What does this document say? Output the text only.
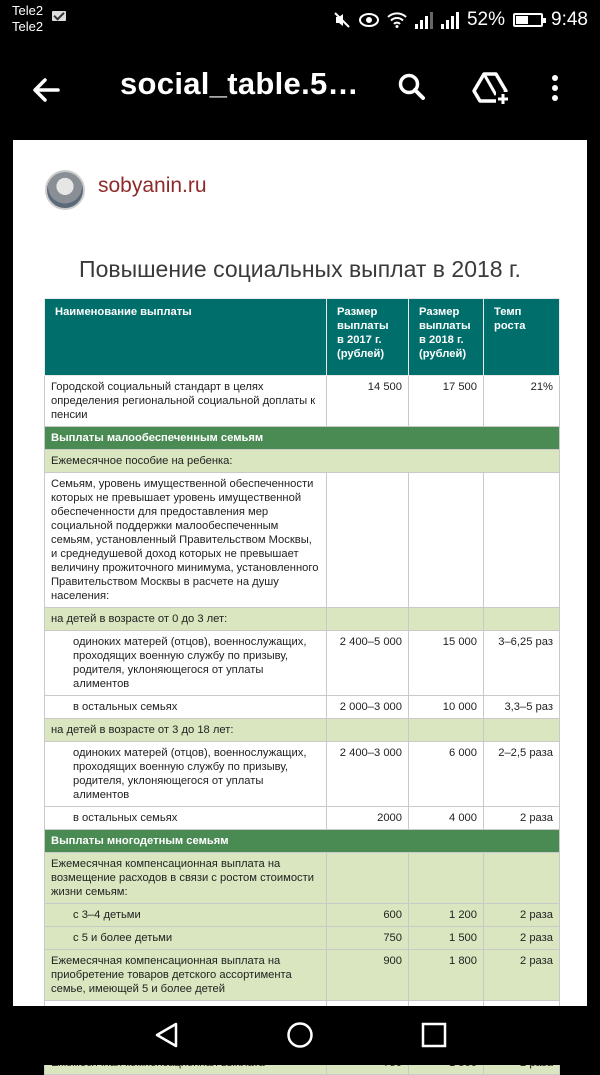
Tele2
Tele2	52% 9:48
social_table.5…
sobyanin.ru
Повышение социальных выплат в 2018 г.
Наименование выплаты	Размер выплаты в 2017 г. (рублей)	Размер выплаты в 2018 г. (рублей)	Темп роста
Городской социальный стандарт в целях определения региональной социальной доплаты к пенсии	14 500	17 500	21%
Выплаты малообеспеченным семьям			
Ежемесячное пособие на ребенка:			
Семьям, уровень имущественной обеспеченности которых не превышает уровень имущественной обеспеченности для предоставления мер социальной поддержки малообеспеченным семьям, установленный Правительством Москвы, и среднедушевой доход которых не превышает величину прожиточного минимума, установленного Правительством Москвы в расчете на душу населения:			
на детей в возрасте от 0 до 3 лет:			
одиноких матерей (отцов), военнослужащих, проходящих военную службу по призыву, родителя, уклоняющегося от уплаты алиментов	2 400–5 000	15 000	3–6,25 раз
в остальных семьях	2 000–3 000	10 000	3,3–5 раз
на детей в возрасте от 3 до 18 лет:			
одиноких матерей (отцов), военнослужащих, проходящих военную службу по призыву, родителя, уклоняющегося от уплаты алиментов	2 400–3 000	6 000	2–2,5 раза
в остальных семьях	2000	4 000	2 раза
Выплаты многодетным семьям			
Ежемесячная компенсационная выплата на возмещение расходов в связи с ростом стоимости жизни семьям:			
с 3–4 детьми	600	1 200	2 раза
с 5 и более детьми	750	1 500	2 раза
Ежемесячная компенсационная выплата на приобретение товаров детского ассортимента семье, имеющей 5 и более детей	900	1 800	2 раза
